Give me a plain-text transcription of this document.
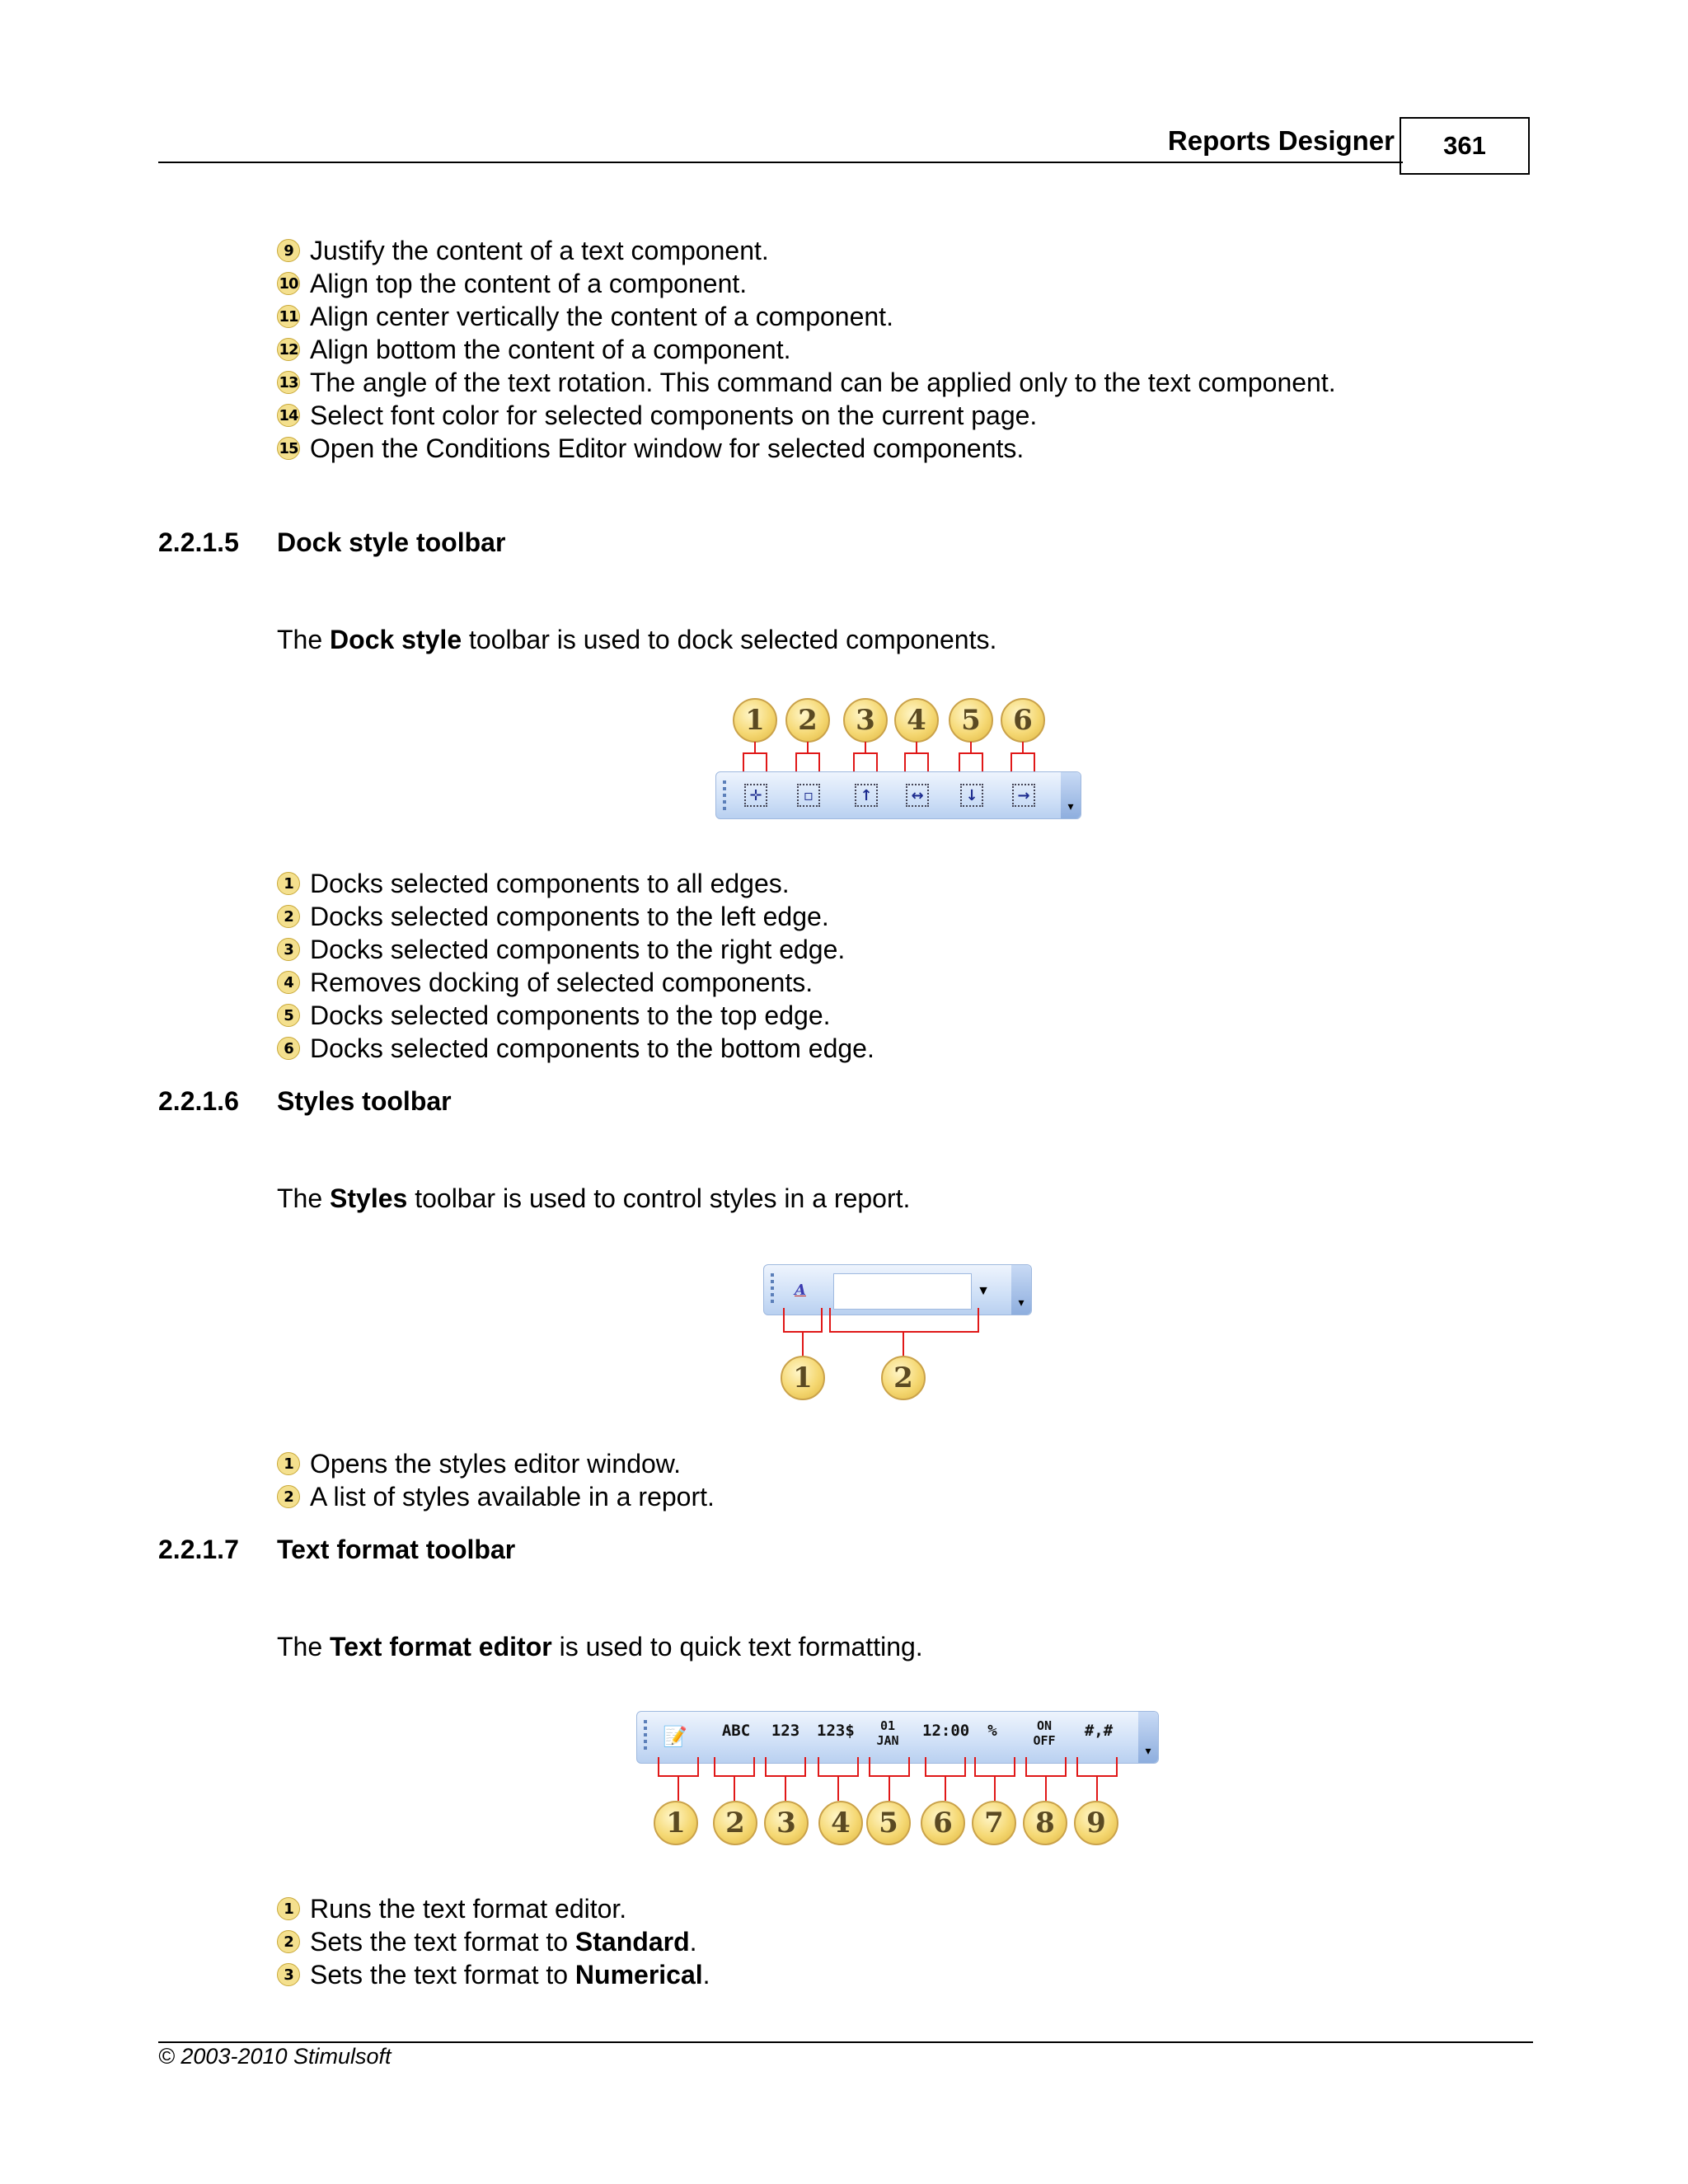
Reports Designer	361
9 Justify the content of a text component.
10 Align top the content of a component.
11 Align center vertically the content of a component.
12 Align bottom the content of a component.
13 The angle of the text rotation. This command can be applied only to the text component.
14 Select font color for selected components on the current page.
15 Open the Conditions Editor window for selected components.
2.2.1.5 Dock style toolbar
The Dock style toolbar is used to dock selected components.
1	2	3	4	5	6
✛	▫	↑	↔	↓	→
▾
1 Docks selected components to all edges.
2 Docks selected components to the left edge.
3 Docks selected components to the right edge.
4 Removes docking of selected components.
5 Docks selected components to the top edge.
6 Docks selected components to the bottom edge.
2.2.1.6 Styles toolbar
The Styles toolbar is used to control styles in a report.
A	▼
▾
1	2
1 Opens the styles editor window.
2 A list of styles available in a report.
2.2.1.7 Text format toolbar
The Text format editor is used to quick text formatting.
📝 ABC 123 123$	01
JAN
12:00	%	ON
OFF
#,#
▾
1	2	3	4	5	6	7	8	9
1 Runs the text format editor.
2 Sets the text format to Standard.
3 Sets the text format to Numerical.
© 2003-2010 Stimulsoft
